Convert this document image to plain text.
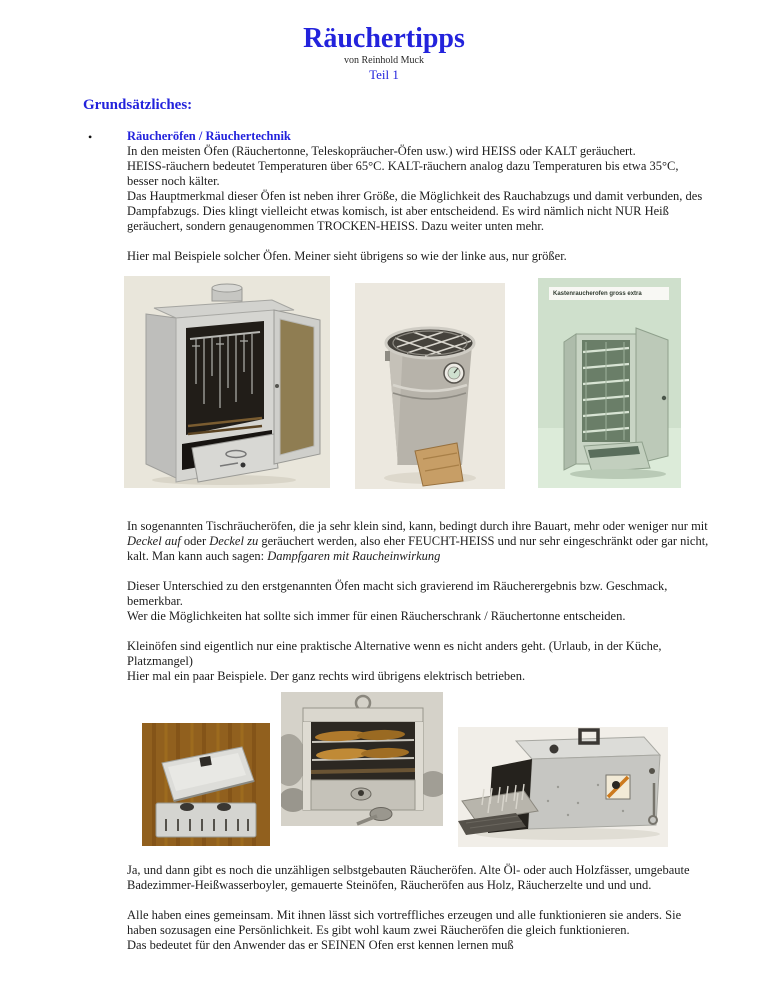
Räuchertipps
von Reinhold Muck
Teil 1
Grundsätzliches:
•	Räucheröfen / Räuchertechnik
In den meisten Öfen (Räuchertonne, Teleskopräucher-Öfen usw.) wird HEISS oder KALT geräuchert.
HEISS-räuchern bedeutet Temperaturen über 65°C. KALT-räuchern analog dazu Temperaturen bis etwa 35°C,
besser noch kälter.
Das Hauptmerkmal dieser Öfen ist neben ihrer Größe, die Möglichkeit des Rauchabzugs und damit verbunden, des
Dampfabzugs. Dies klingt vielleicht etwas komisch, ist aber entscheidend. Es wird nämlich nicht NUR Heiß
geräuchert, sondern genaugenommen TROCKEN-HEISS. Dazu weiter unten mehr.
Hier mal Beispiele solcher Öfen. Meiner sieht übrigens so wie der linke aus, nur größer.
Kastenraucherofen gross extra
In sogenannten Tischräucheröfen, die ja sehr klein sind, kann, bedingt durch ihre Bauart, mehr oder weniger nur mit
Deckel auf oder Deckel zu geräuchert werden, also eher FEUCHT-HEISS und nur sehr eingeschränkt oder gar nicht,
kalt. Man kann auch sagen: Dampfgaren mit Raucheinwirkung
Dieser Unterschied zu den erstgenannten Öfen macht sich gravierend im Räucherergebnis bzw. Geschmack,
bemerkbar.
Wer die Möglichkeiten hat sollte sich immer für einen Räucherschrank / Räuchertonne entscheiden.
Kleinöfen sind eigentlich nur eine praktische Alternative wenn es nicht anders geht. (Urlaub, in der Küche,
Platzmangel)
Hier mal ein paar Beispiele. Der ganz rechts wird übrigens elektrisch betrieben.
Ja, und dann gibt es noch die unzähligen selbstgebauten Räucheröfen. Alte Öl- oder auch Holzfässer, umgebaute
Badezimmer-Heißwasserboyler, gemauerte Steinöfen, Räucheröfen aus Holz, Räucherzelte und und und.
Alle haben eines gemeinsam. Mit ihnen lässt sich vortreffliches erzeugen und alle funktionieren sie anders. Sie
haben sozusagen eine Persönlichkeit. Es gibt wohl kaum zwei Räucheröfen die gleich funktionieren.
Das bedeutet für den Anwender das er SEINEN Ofen erst kennen lernen muß
